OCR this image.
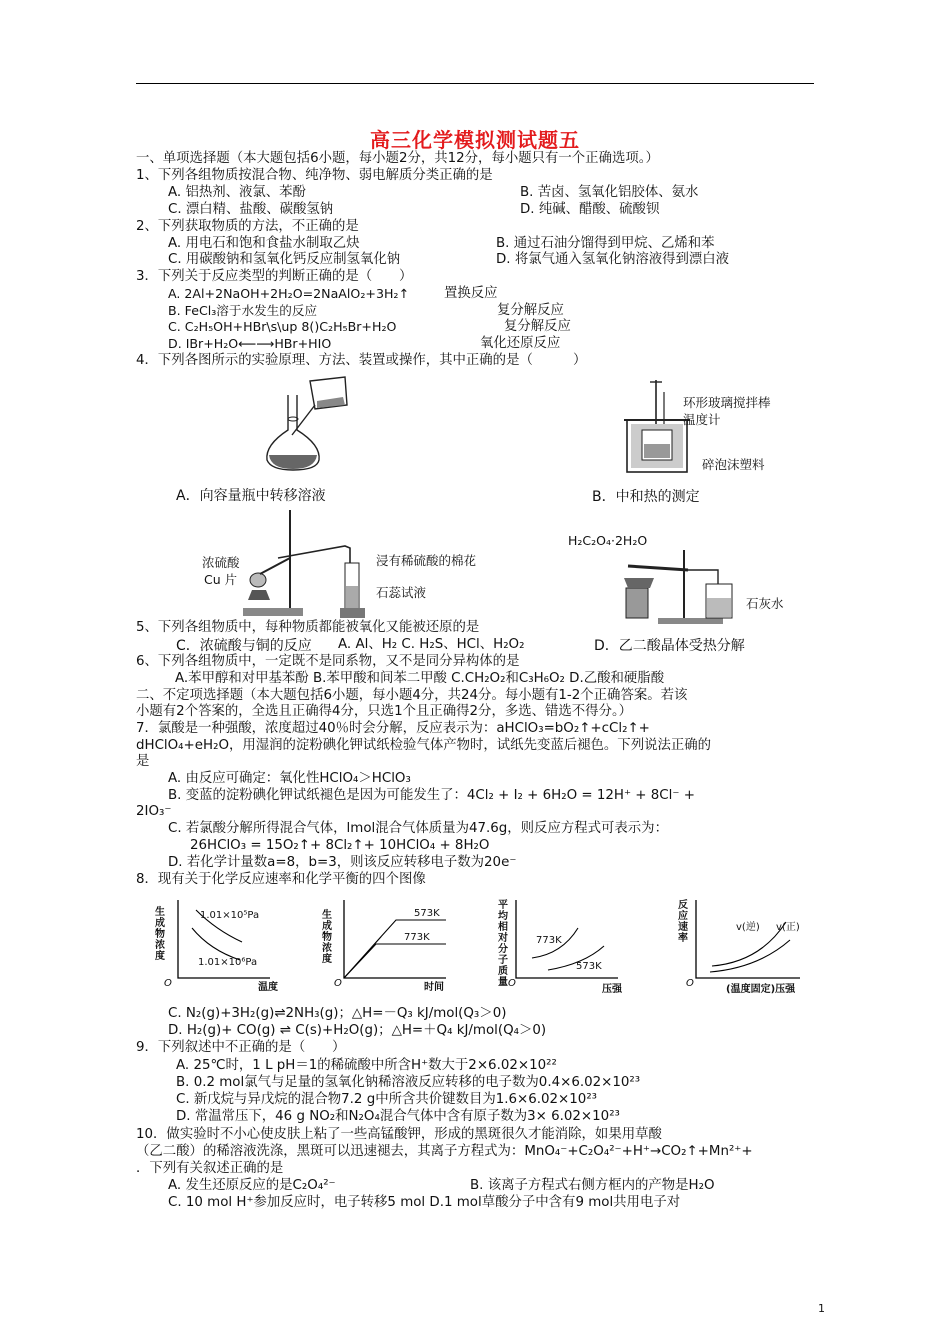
高三化学模拟测试题五
一、单项选择题（本大题包括6小题，每小题2分，共12分，每小题只有一个正确选项。）
1、下列各组物质按混合物、纯净物、弱电解质分类正确的是
A. 铝热剂、液氯、苯酚	B. 苦卤、氢氧化铝胶体、氨水
C. 漂白精、盐酸、碳酸氢钠	D. 纯碱、醋酸、硫酸钡
2、下列获取物质的方法，不正确的是
A. 用电石和饱和食盐水制取乙炔	B. 通过石油分馏得到甲烷、乙烯和苯
C. 用碳酸钠和氢氧化钙反应制氢氧化钠	D. 将氯气通入氢氧化钠溶液得到漂白液
3．下列关于反应类型的判断正确的是（　　）
A. 2Al+2NaOH+2H₂O=2NaAlO₂+3H₂↑	置换反应
B. FeCl₃溶于水发生的反应	复分解反应
C. C₂H₅OH+HBr\s\up 8()C₂H₅Br+H₂O	复分解反应
D. IBr+H₂O⟵⟶HBr+HIO	氧化还原反应
4．下列各图所示的实验原理、方法、装置或操作，其中正确的是（　　　）
A．向容量瓶中转移溶液
环形玻璃搅拌棒
温度计
碎泡沫塑料
B．中和热的测定
浓硫酸
Cu 片
浸有稀硫酸的棉花
石蕊试液
H₂C₂O₄·2H₂O
石灰水
5、下列各组物质中，每种物质都能被氧化又能被还原的是
A. Al、H₂ C. H₂S、HCl、H₂O₂
C．浓硫酸与铜的反应	D．乙二酸晶体受热分解
6、下列各组物质中，一定既不是同系物，又不是同分异构体的是
A.苯甲醇和对甲基苯酚 B.苯甲酸和间苯二甲酸 C.CH₂O₂和C₃H₆O₂ D.乙酸和硬脂酸
二、不定项选择题（本大题包括6小题，每小题4分，共24分。每小题有1-2个正确答案。若该
小题有2个答案的，全选且正确得4分，只选1个且正确得2分，多选、错选不得分。）
7．氯酸是一种强酸，浓度超过40％时会分解，反应表示为：aHClO₃=bO₂↑+cCl₂↑+
dHClO₄+eH₂O，用湿润的淀粉碘化钾试纸检验气体产物时，试纸先变蓝后褪色。下列说法正确的
是
A. 由反应可确定：氧化性HClO₄＞HClO₃
B. 变蓝的淀粉碘化钾试纸褪色是因为可能发生了：4Cl₂ + I₂ + 6H₂O = 12H⁺ + 8Cl⁻ +
2IO₃⁻
C. 若氯酸分解所得混合气体，lmol混合气体质量为47.6g，则反应方程式可表示为：
26HClO₃ = 15O₂↑+ 8Cl₂↑+ 10HClO₄ + 8H₂O
D. 若化学计量数a=8，b=3，则该反应转移电子数为20e⁻
8．现有关于化学反应速率和化学平衡的四个图像
生成物浓度
1.01×10⁵Pa
1.01×10⁶Pa
温度
O
生成物浓度
573K
773K
时间
O
平均相对分子质量
773K
573K
压强
O
反应速率
v(逆) v(正)
(温度固定)压强
O
C. N₂(g)+3H₂(g)⇌2NH₃(g)；△H=－Q₃ kJ/mol(Q₃＞0)
D. H₂(g)+ CO(g) ⇌ C(s)+H₂O(g)；△H=＋Q₄ kJ/mol(Q₄＞0)
9．下列叙述中不正确的是（　　）
A. 25℃时，1 L pH＝1的稀硫酸中所含H⁺数大于2×6.02×10²²
B. 0.2 mol氯气与足量的氢氧化钠稀溶液反应转移的电子数为0.4×6.02×10²³
C. 新戊烷与异戊烷的混合物7.2 g中所含共价键数目为1.6×6.02×10²³
D. 常温常压下，46 g NO₂和N₂O₄混合气体中含有原子数为3× 6.02×10²³
10．做实验时不小心使皮肤上粘了一些高锰酸钾，形成的黑斑很久才能消除，如果用草酸
（乙二酸）的稀溶液洗涤，黑斑可以迅速褪去，其离子方程式为：MnO₄⁻+C₂O₄²⁻+H⁺→CO₂↑+Mn²⁺+
．下列有关叙述正确的是
A. 发生还原反应的是C₂O₄²⁻	B. 该离子方程式右侧方框内的产物是H₂O
C. 10 mol H⁺参加反应时，电子转移5 mol D.1 mol草酸分子中含有9 mol共用电子对
1
